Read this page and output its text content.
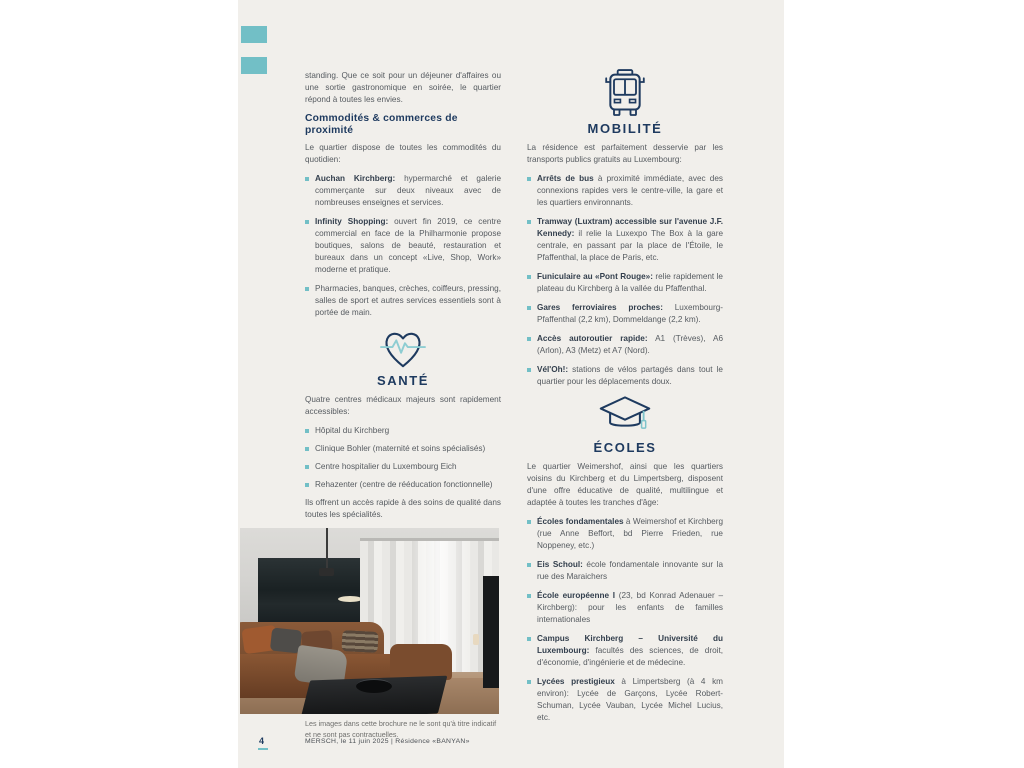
standing. Que ce soit pour un déjeuner d'affaires ou une sortie gastronomique en soirée, le quartier répond à toutes les envies.

Commodités & commerces de proximité

Le quartier dispose de toutes les commodités du quotidien:

Auchan Kirchberg: hypermarché et galerie commerçante sur deux niveaux avec de nombreuses enseignes et services.
Infinity Shopping: ouvert fin 2019, ce centre commercial en face de la Philharmonie propose boutiques, salons de beauté, restauration et bureaux dans un concept «Live, Shop, Work» moderne et pratique.
Pharmacies, banques, crèches, coiffeurs, pressing, salles de sport et autres services essentiels sont à portée de main.
SANTÉ

Quatre centres médicaux majeurs sont rapidement accessibles:

Hôpital du Kirchberg
Clinique Bohler (maternité et soins spécialisés)
Centre hospitalier du Luxembourg Eich
Rehazenter (centre de rééducation fonctionnelle)

Ils offrent un accès rapide à des soins de qualité dans toutes les spécialités.

Les images dans cette brochure ne le sont qu'à titre indicatif et ne sont pas contractuelles.
MOBILITÉ

La résidence est parfaitement desservie par les transports publics gratuits au Luxembourg:

Arrêts de bus à proximité immédiate, avec des connexions rapides vers le centre-ville, la gare et les quartiers environnants.
Tramway (Luxtram) accessible sur l'avenue J.F. Kennedy: il relie la Luxexpo The Box à la gare centrale, en passant par la place de l'Étoile, le Pfaffenthal, la place de Paris, etc.
Funiculaire au «Pont Rouge»: relie rapidement le plateau du Kirchberg à la vallée du Pfaffenthal.
Gares ferroviaires proches: Luxembourg-Pfaffenthal (2,2 km), Dommeldange (2,2 km).
Accès autoroutier rapide: A1 (Trèves), A6 (Arlon), A3 (Metz) et A7 (Nord).
Vél'Oh!: stations de vélos partagés dans tout le quartier pour les déplacements doux.
ÉCOLES

Le quartier Weimershof, ainsi que les quartiers voisins du Kirchberg et du Limpertsberg, disposent d'une offre éducative de qualité, multilingue et adaptée à toutes les tranches d'âge:

Écoles fondamentales à Weimershof et Kirchberg (rue Anne Beffort, bd Pierre Frieden, rue Noppeney, etc.)
Eis Schoul: école fondamentale innovante sur la rue des Maraichers
École européenne I (23, bd Konrad Adenauer – Kirchberg): pour les enfants de familles internationales
Campus Kirchberg – Université du Luxembourg: facultés des sciences, de droit, d'économie, d'ingénierie et de médecine.
Lycées prestigieux à Limpertsberg (à 4 km environ): Lycée de Garçons, Lycée Robert-Schuman, Lycée Vauban, Lycée Michel Lucius, etc.
4	MERSCH, le 11 juin 2025 | Résidence «BANYAN»
